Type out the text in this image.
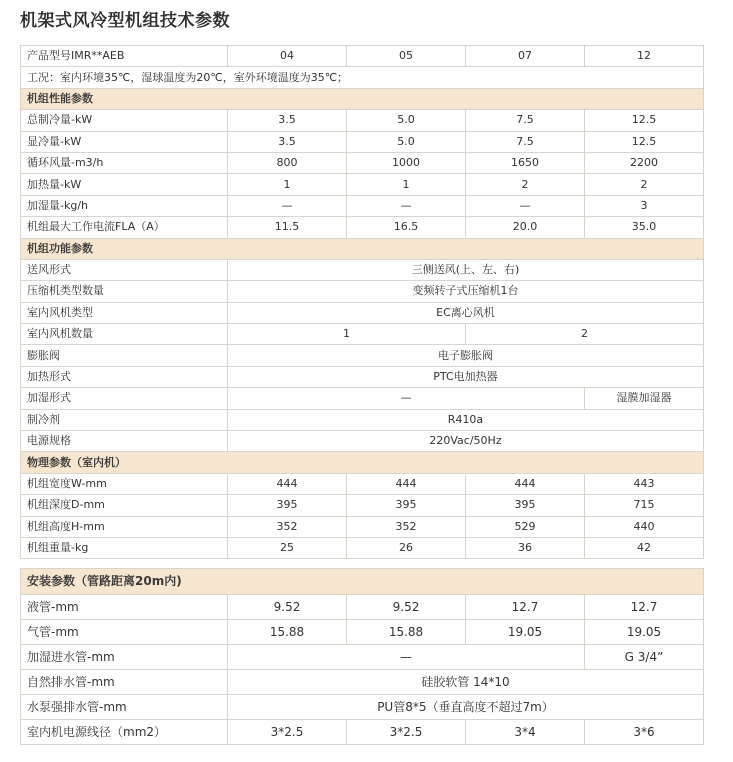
机架式风冷型机组技术参数
产品型号IMR**AEB	04	05	07	12
工况：室内环境35℃，湿球温度为20℃，室外环境温度为35℃；				
机组性能参数				
总制冷量-kW	3.5	5.0	7.5	12.5
显冷量-kW	3.5	5.0	7.5	12.5
循环风量-m3/h	800	1000	1650	2200
加热量-kW	1	1	2	2
加湿量-kg/h	—	—	—	3
机组最大工作电流FLA（A）	11.5	16.5	20.0	35.0
机组功能参数				
送风形式	三侧送风(上、左、右)			
压缩机类型数量	变频转子式压缩机1台			
室内风机类型	EC离心风机			
室内风机数量	1		2	
膨胀阀	电子膨胀阀			
加热形式	PTC电加热器			
加湿形式	—			湿膜加湿器
制冷剂	R410a			
电源规格	220Vac/50Hz			
物理参数（室内机）				
机组宽度W-mm	444	444	444	443
机组深度D-mm	395	395	395	715
机组高度H-mm	352	352	529	440
机组重量-kg	25	26	36	42

安装参数（管路距离20m内)				
液管-mm	9.52	9.52	12.7	12.7
气管-mm	15.88	15.88	19.05	19.05
加湿进水管-mm	—			G 3/4”
自然排水管-mm	硅胶软管 14*10			
水泵强排水管-mm	PU管8*5（垂直高度不超过7m）			
室内机电源线径（mm2）	3*2.5	3*2.5	3*4	3*6
